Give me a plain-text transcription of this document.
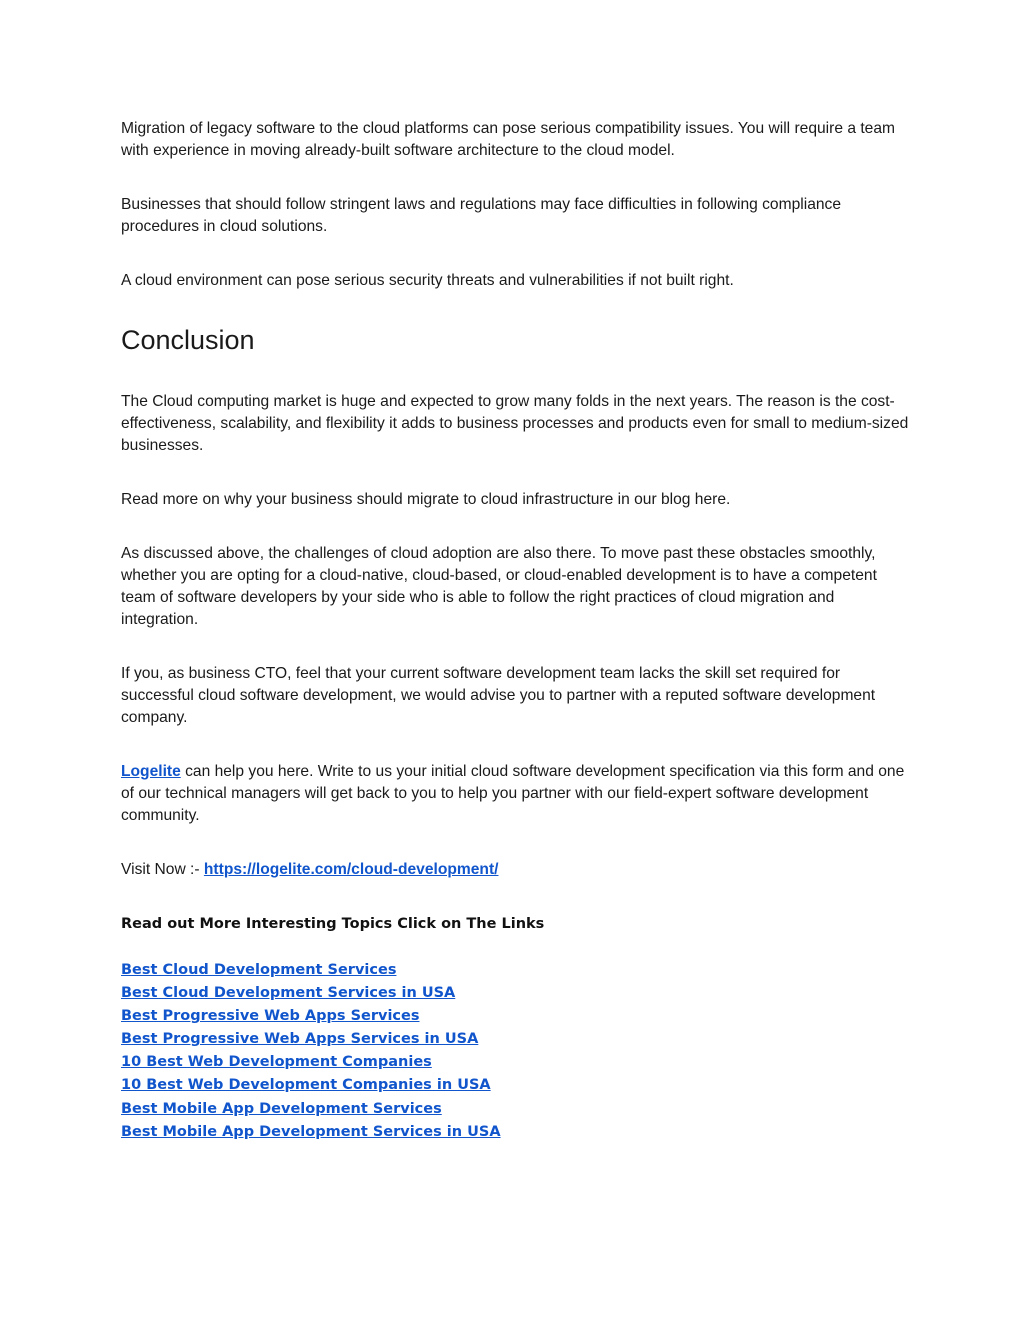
Migration of legacy software to the cloud platforms can pose serious compatibility issues. You will require a team with experience in moving already-built software architecture to the cloud model.

Businesses that should follow stringent laws and regulations may face difficulties in following compliance procedures in cloud solutions.

A cloud environment can pose serious security threats and vulnerabilities if not built right.

Conclusion

The Cloud computing market is huge and expected to grow many folds in the next years. The reason is the cost-effectiveness, scalability, and flexibility it adds to business processes and products even for small to medium-sized businesses.

Read more on why your business should migrate to cloud infrastructure in our blog here.

As discussed above, the challenges of cloud adoption are also there. To move past these obstacles smoothly, whether you are opting for a cloud-native, cloud-based, or cloud-enabled development is to have a competent team of software developers by your side who is able to follow the right practices of cloud migration and integration.

If you, as business CTO, feel that your current software development team lacks the skill set required for successful cloud software development, we would advise you to partner with a reputed software development company.

Logelite can help you here. Write to us your initial cloud software development specification via this form and one of our technical managers will get back to you to help you partner with our field-expert software development community.

Visit Now :- https://logelite.com/cloud-development/

Read out More Interesting Topics Click on The Links

Best Cloud Development Services
Best Cloud Development Services in USA
Best Progressive Web Apps Services
Best Progressive Web Apps Services in USA
10 Best Web Development Companies
10 Best Web Development Companies in USA
Best Mobile App Development Services
Best Mobile App Development Services in USA
